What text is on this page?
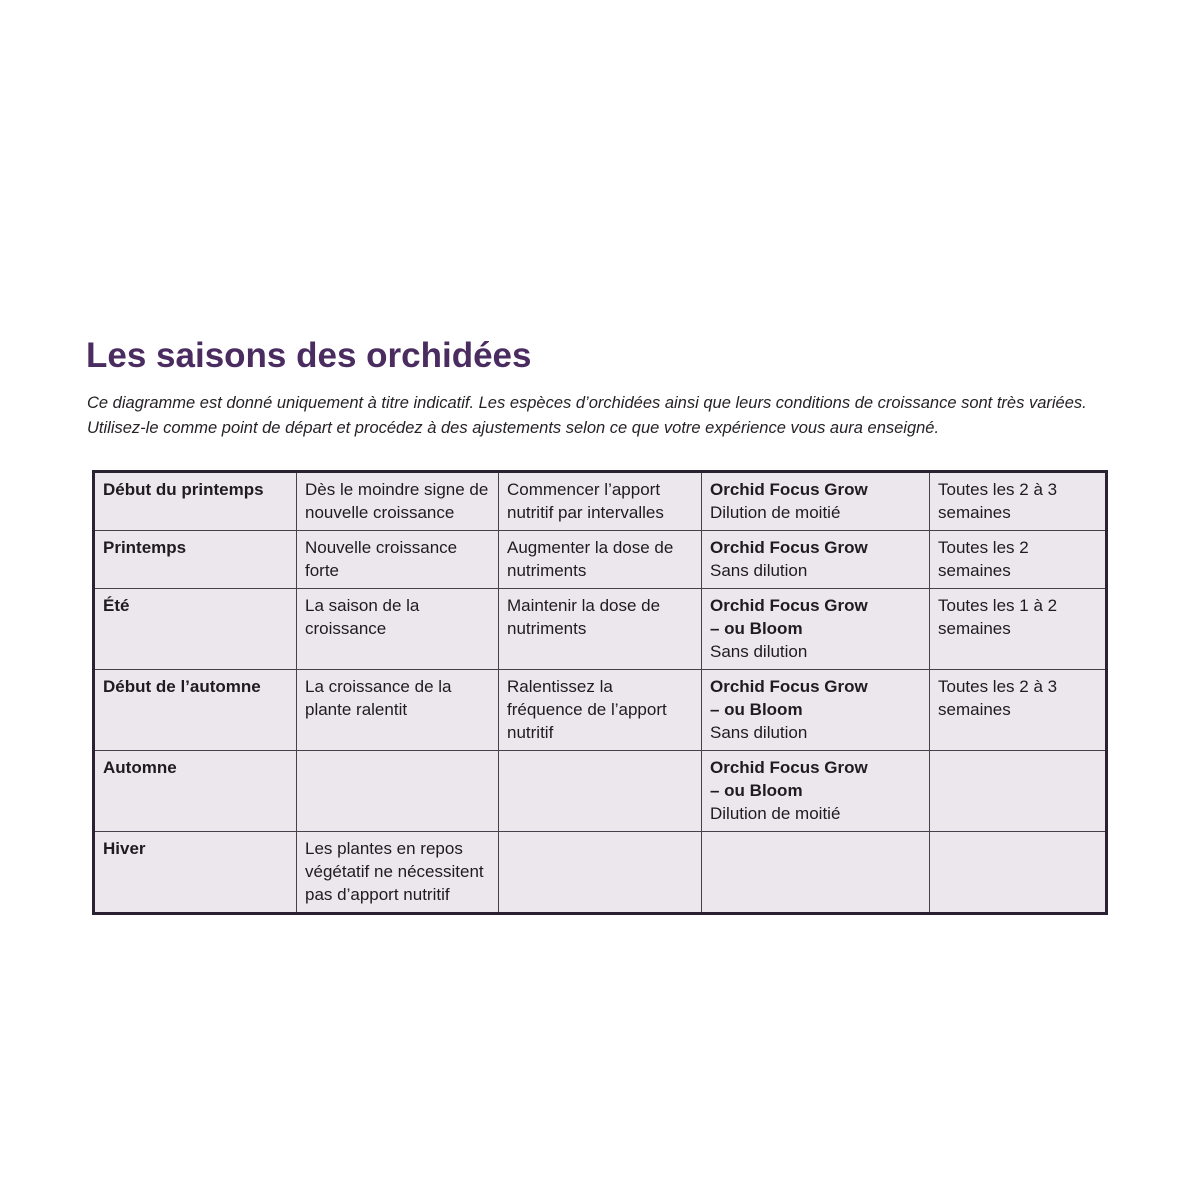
Les saisons des orchidées

Ce diagramme est donné uniquement à titre indicatif. Les espèces d’orchidées ainsi que leurs conditions de croissance sont très variées.
Utilisez-le comme point de départ et procédez à des ajustements selon ce que votre expérience vous aura enseigné.

Début du printemps	Dès le moindre signe de nouvelle croissance	Commencer l’apport nutritif par intervalles	Orchid Focus Grow
Dilution de moitié	Toutes les 2 à 3 semaines
Printemps	Nouvelle croissance forte	Augmenter la dose de nutriments	Orchid Focus Grow
Sans dilution	Toutes les 2 semaines
Été	La saison de la croissance	Maintenir la dose de nutriments	Orchid Focus Grow
– ou Bloom
Sans dilution	Toutes les 1 à 2 semaines
Début de l’automne	La croissance de la plante ralentit	Ralentissez la fréquence de l’apport nutritif	Orchid Focus Grow
– ou Bloom
Sans dilution	Toutes les 2 à 3 semaines
Automne			Orchid Focus Grow
– ou Bloom
Dilution de moitié	

Hiver	Les plantes en repos végétatif ne nécessitent pas d’apport nutritif			
